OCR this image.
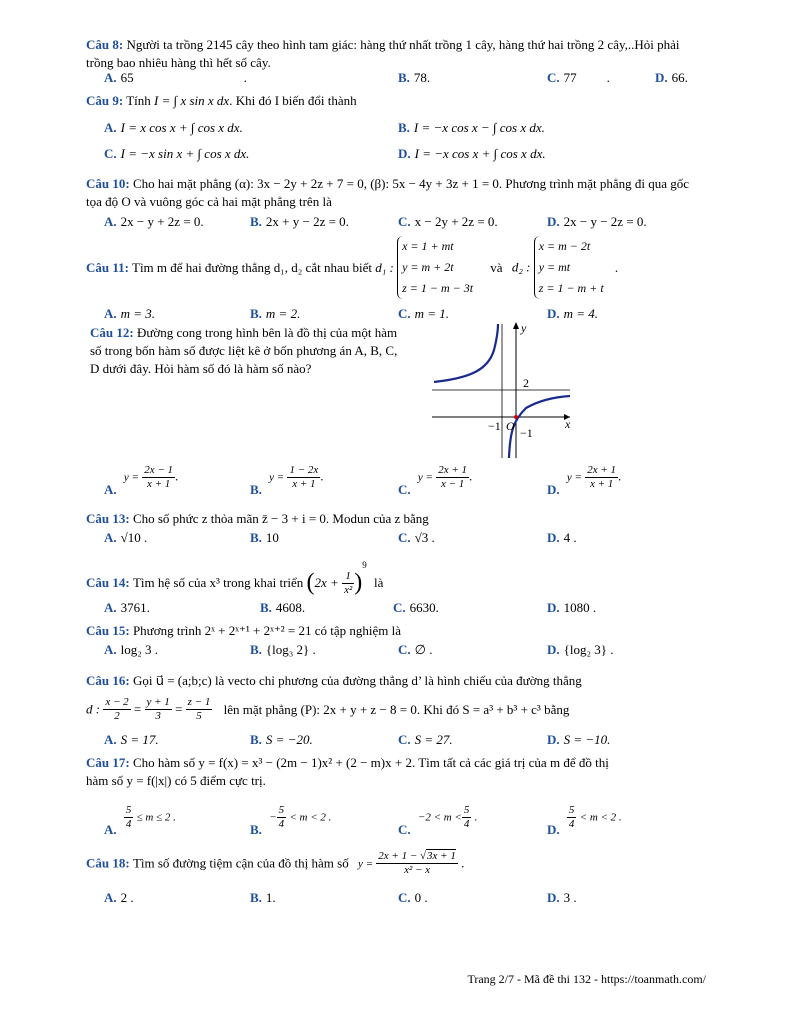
Câu 8: Người ta trồng 2145 cây theo hình tam giác: hàng thứ nhất trồng 1 cây, hàng thứ hai trồng 2 cây,..Hỏi phải trồng bao nhiêu hàng thì hết số cây.
A. 65	.	B. 78.	C. 77 .	D. 66.
Câu 9: Tính I = ∫ x sin x dx. Khi đó I biến đổi thành
A. I = x cos x + ∫ cos x dx.	B. I = −x cos x − ∫ cos x dx.
C. I = −x sin x + ∫ cos x dx.	D. I = −x cos x + ∫ cos x dx.
Câu 10: Cho hai mặt phẳng (α): 3x − 2y + 2z + 7 = 0, (β): 5x − 4y + 3z + 1 = 0. Phương trình mặt phẳng đi qua gốc tọa độ O và vuông góc cả hai mặt phẳng trên là
A. 2x − y + 2z = 0.	B. 2x + y − 2z = 0.	C. x − 2y + 2z = 0.	D. 2x − y − 2z = 0.
Câu 11: Tìm m để hai đường thẳng d₁, d₂ cắt nhau biết d₁ :
x = 1 + mt
y = m + 2t
z = 1 − m − 3t
và d₂ :
x = m − 2t
y = mt
z = 1 − m + t
.
A. m = 3.	B. m = 2.	C. m = 1.	D. m = 4.
Câu 12: Đường cong trong hình bên là đồ thị của một hàm số trong bốn hàm số được liệt kê ở bốn phương án A, B, C, D dưới đây. Hỏi hàm số đó là hàm số nào?
2
−1 O −1
y
x
A. $y = \frac{2x - 1}{x + 1}$ .
B. $y = \frac{1 - 2x}{x + 1}$ .
C. $y = \frac{2x + 1}{x - 1}$ .
D. $y = \frac{2x + 1}{x + 1}$ .
Câu 13: Cho số phức z thỏa mãn z̄ − 3 + i = 0. Modun của z bằng
A. √10 .	B. 10	C. √3 .	D. 4 .
Câu 14: Tìm hệ số của x³ trong khai triển $(2x + \frac{1}{\text{x²}} )^9$ là
A. 3761.	B. 4608.	C. 6630.	D. 1080 .
Câu 15: Phương trình 2ˣ + 2ˣ⁺¹ + 2ˣ⁺² = 21 có tập nghiệm là
A. log₂ 3 .	B. {log₃ 2} .	C. ∅ .	D. {log₂ 3} .
Câu 16: Gọi u⃗ = (a;b;c) là vecto chỉ phương của đường thẳng d’ là hình chiếu của đường thẳng
d : $\frac{x - 2}{2} = \frac{y + 1}{3} = \frac{z - 1}{5}$ lên mặt phẳng (P): 2x + y + z − 8 = 0. Khi đó S = a³ + b³ + c³ bằng
A. S = 17.	B. S = −20.	C. S = 27.	D. S = −10.
Câu 17: Cho hàm số y = f(x) = x³ − (2m − 1)x² + (2 − m)x + 2. Tìm tất cả các giá trị của m để đồ thị
hàm số y = f(|x|) có 5 điểm cực trị.
A. $\frac{5}{4} \le m \le 2$ .
B. − $\frac{5}{4} < m < 2$ .
C. $-2 < m < \frac{5}{4}$ .
D. $\frac{5}{4} < m < 2$ .
Câu 18: Tìm số đường tiệm cận của đồ thị hàm số $y = \frac{2x + 1 - √3x + 1}{\text{x² − x}}$ .
A. 2 .	B. 1.	C. 0 .	D. 3 .
Trang 2/7 - Mã đề thi 132 - https://toanmath.com/
